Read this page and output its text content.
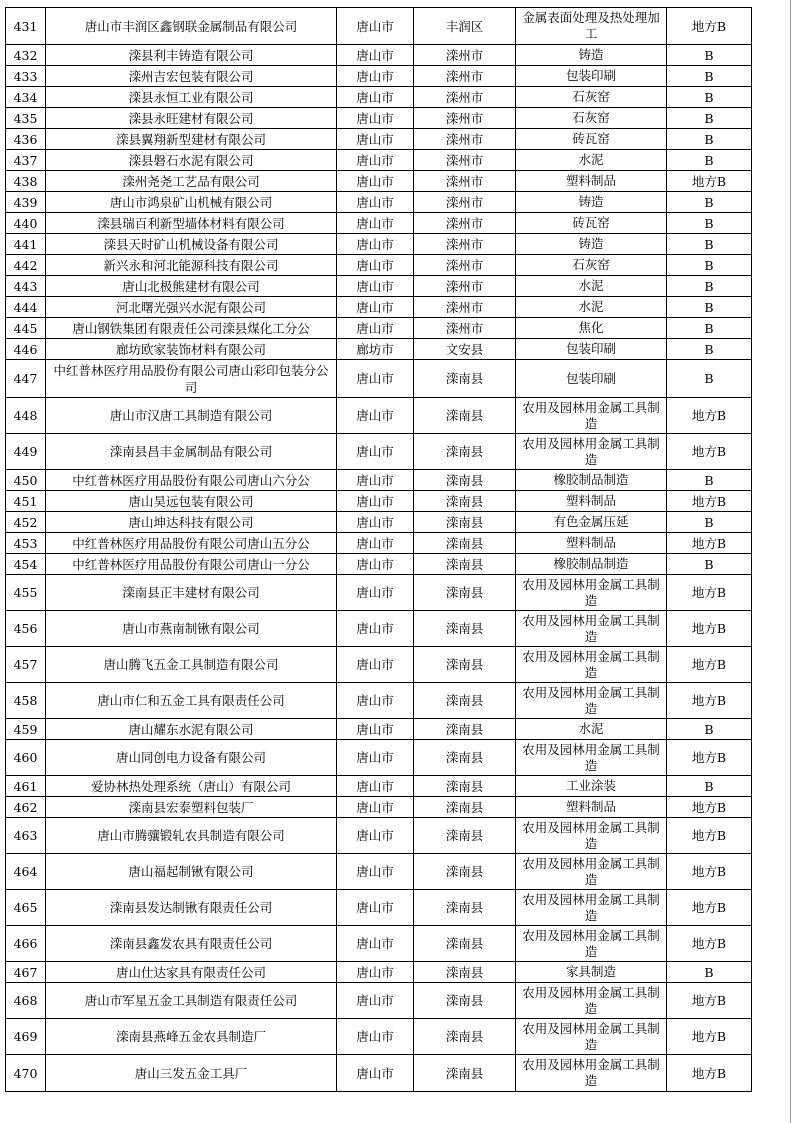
431	唐山市丰润区鑫钢联金属制品有限公司	唐山市	丰润区	金属表面处理及热处理加工	地方B
432	滦县利丰铸造有限公司	唐山市	滦州市	铸造	B
433	滦州吉宏包装有限公司	唐山市	滦州市	包装印刷	B
434	滦县永恒工业有限公司	唐山市	滦州市	石灰窑	B
435	滦县永旺建材有限公司	唐山市	滦州市	石灰窑	B
436	滦县翼翔新型建材有限公司	唐山市	滦州市	砖瓦窑	B
437	滦县磐石水泥有限公司	唐山市	滦州市	水泥	B
438	滦州尧尧工艺品有限公司	唐山市	滦州市	塑料制品	地方B
439	唐山市鸿泉矿山机械有限公司	唐山市	滦州市	铸造	B
440	滦县瑞百利新型墙体材料有限公司	唐山市	滦州市	砖瓦窑	B
441	滦县天时矿山机械设备有限公司	唐山市	滦州市	铸造	B
442	新兴永和河北能源科技有限公司	唐山市	滦州市	石灰窑	B
443	唐山北极熊建材有限公司	唐山市	滦州市	水泥	B
444	河北曙光强兴水泥有限公司	唐山市	滦州市	水泥	B
445	唐山钢铁集团有限责任公司滦县煤化工分公	唐山市	滦州市	焦化	B
446	廊坊欧家装饰材料有限公司	廊坊市	文安县	包装印刷	B
447	中红普林医疗用品股份有限公司唐山彩印包装分公司	唐山市	滦南县	包装印刷	B
448	唐山市汉唐工具制造有限公司	唐山市	滦南县	农用及园林用金属工具制造	地方B
449	滦南县昌丰金属制品有限公司	唐山市	滦南县	农用及园林用金属工具制造	地方B
450	中红普林医疗用品股份有限公司唐山六分公	唐山市	滦南县	橡胶制品制造	B
451	唐山昊远包装有限公司	唐山市	滦南县	塑料制品	地方B
452	唐山坤达科技有限公司	唐山市	滦南县	有色金属压延	B
453	中红普林医疗用品股份有限公司唐山五分公	唐山市	滦南县	塑料制品	地方B
454	中红普林医疗用品股份有限公司唐山一分公	唐山市	滦南县	橡胶制品制造	B
455	滦南县正丰建材有限公司	唐山市	滦南县	农用及园林用金属工具制造	地方B
456	唐山市燕南制锹有限公司	唐山市	滦南县	农用及园林用金属工具制造	地方B
457	唐山腾飞五金工具制造有限公司	唐山市	滦南县	农用及园林用金属工具制造	地方B
458	唐山市仁和五金工具有限责任公司	唐山市	滦南县	农用及园林用金属工具制造	地方B
459	唐山耀东水泥有限公司	唐山市	滦南县	水泥	B
460	唐山同创电力设备有限公司	唐山市	滦南县	农用及园林用金属工具制造	地方B
461	爱协林热处理系统（唐山）有限公司	唐山市	滦南县	工业涂装	B
462	滦南县宏泰塑料包装厂	唐山市	滦南县	塑料制品	地方B
463	唐山市腾骧锻轧农具制造有限公司	唐山市	滦南县	农用及园林用金属工具制造	地方B
464	唐山福起制锹有限公司	唐山市	滦南县	农用及园林用金属工具制造	地方B
465	滦南县发达制锹有限责任公司	唐山市	滦南县	农用及园林用金属工具制造	地方B
466	滦南县鑫发农具有限责任公司	唐山市	滦南县	农用及园林用金属工具制造	地方B
467	唐山仕达家具有限责任公司	唐山市	滦南县	家具制造	B
468	唐山市军星五金工具制造有限责任公司	唐山市	滦南县	农用及园林用金属工具制造	地方B
469	滦南县燕峰五金农具制造厂	唐山市	滦南县	农用及园林用金属工具制造	地方B
470	唐山三发五金工具厂	唐山市	滦南县	农用及园林用金属工具制造	地方B
